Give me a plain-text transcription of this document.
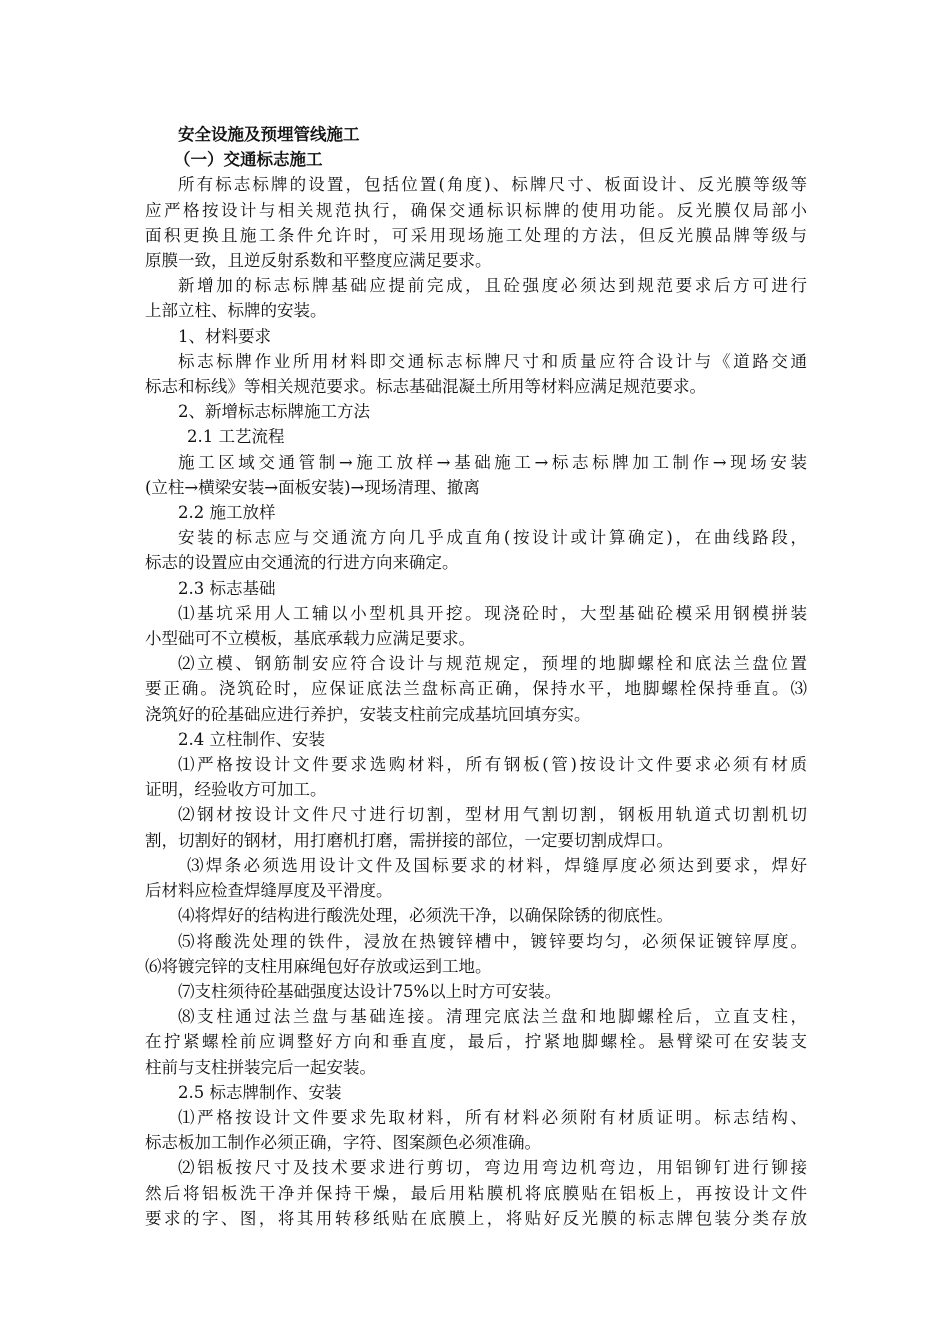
安全设施及预埋管线施工
（一）交通标志施工
所有标志标牌的设置，包括位置(角度)、标牌尺寸、板面设计、反光膜等级等
应严格按设计与相关规范执行，确保交通标识标牌的使用功能。反光膜仅局部小
面积更换且施工条件允许时，可采用现场施工处理的方法，但反光膜品牌等级与
原膜一致，且逆反射系数和平整度应满足要求。
新增加的标志标牌基础应提前完成，且砼强度必须达到规范要求后方可进行
上部立柱、标牌的安装。
1、材料要求
标志标牌作业所用材料即交通标志标牌尺寸和质量应符合设计与《道路交通
标志和标线》等相关规范要求。标志基础混凝土所用等材料应满足规范要求。
2、新增标志标牌施工方法
2.1 工艺流程
施工区域交通管制→施工放样→基础施工→标志标牌加工制作→现场安装
(立柱→横梁安装→面板安装)→现场清理、撤离
2.2 施工放样
安装的标志应与交通流方向几乎成直角(按设计或计算确定)，在曲线路段，
标志的设置应由交通流的行进方向来确定。
2.3 标志基础
⑴基坑采用人工辅以小型机具开挖。现浇砼时，大型基础砼模采用钢模拼装
小型础可不立模板，基底承载力应满足要求。
⑵立模、钢筋制安应符合设计与规范规定，预埋的地脚螺栓和底法兰盘位置
要正确。浇筑砼时，应保证底法兰盘标高正确，保持水平，地脚螺栓保持垂直。⑶
浇筑好的砼基础应进行养护，安装支柱前完成基坑回填夯实。
2.4 立柱制作、安装
⑴严格按设计文件要求选购材料，所有钢板(管)按设计文件要求必须有材质
证明，经验收方可加工。
⑵钢材按设计文件尺寸进行切割，型材用气割切割，钢板用轨道式切割机切
割，切割好的钢材，用打磨机打磨，需拼接的部位，一定要切割成焊口。
⑶焊条必须选用设计文件及国标要求的材料，焊缝厚度必须达到要求，焊好
后材料应检查焊缝厚度及平滑度。
⑷将焊好的结构进行酸洗处理，必须洗干净，以确保除锈的彻底性。
⑸将酸洗处理的铁件，浸放在热镀锌槽中，镀锌要均匀，必须保证镀锌厚度。
⑹将镀完锌的支柱用麻绳包好存放或运到工地。
⑺支柱须待砼基础强度达设计75%以上时方可安装。
⑻支柱通过法兰盘与基础连接。清理完底法兰盘和地脚螺栓后，立直支柱，
在拧紧螺栓前应调整好方向和垂直度，最后，拧紧地脚螺栓。悬臂梁可在安装支
柱前与支柱拼装完后一起安装。
2.5 标志牌制作、安装
⑴严格按设计文件要求先取材料，所有材料必须附有材质证明。标志结构、
标志板加工制作必须正确，字符、图案颜色必须准确。
⑵铝板按尺寸及技术要求进行剪切，弯边用弯边机弯边，用铝铆钉进行铆接
然后将铝板洗干净并保持干燥，最后用粘膜机将底膜贴在铝板上，再按设计文件
要求的字、图，将其用转移纸贴在底膜上，将贴好反光膜的标志牌包装分类存放
